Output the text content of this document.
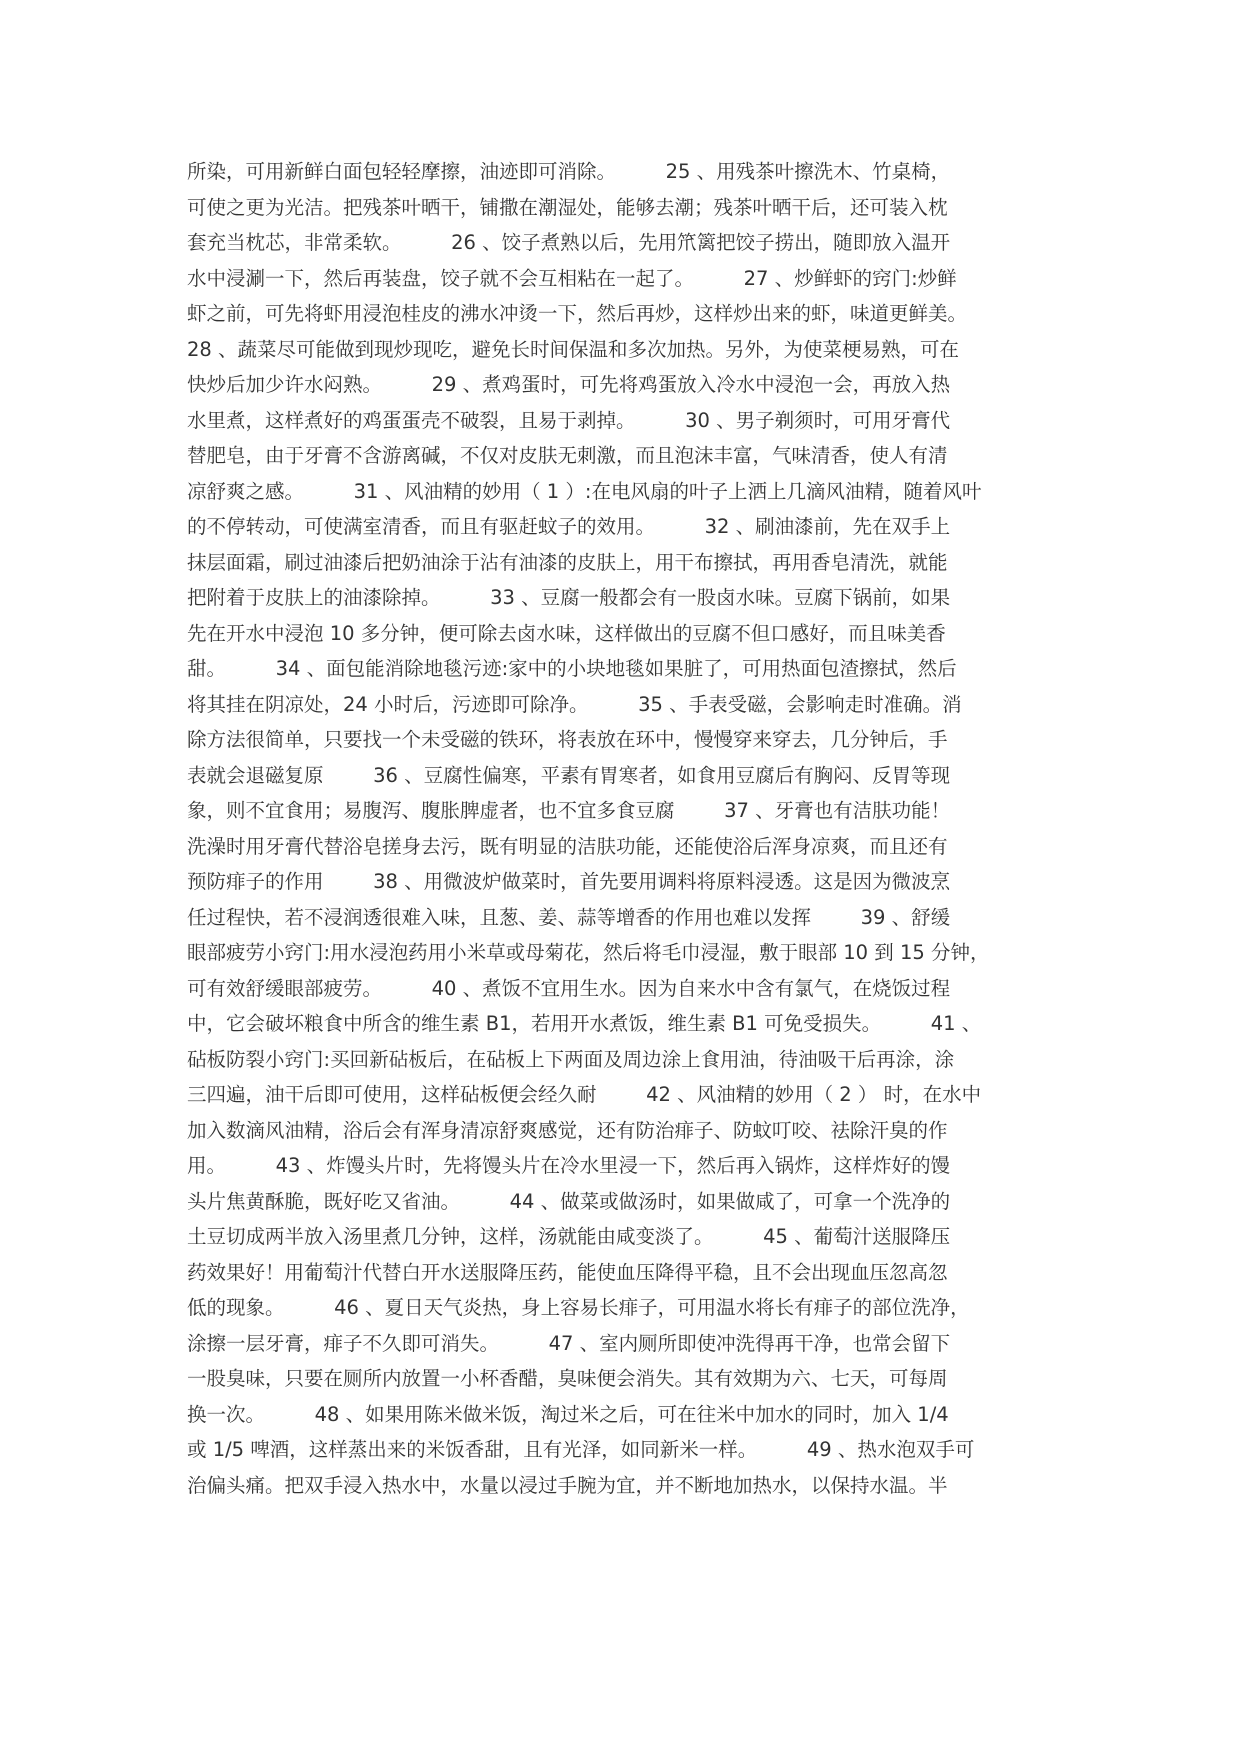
所染，可用新鲜白面包轻轻摩擦，油迹即可消除。        25 、用残茶叶擦洗木、竹桌椅，
可使之更为光洁。把残茶叶晒干，铺撒在潮湿处，能够去潮；残茶叶晒干后，还可装入枕
套充当枕芯，非常柔软。        26 、饺子煮熟以后，先用笊篱把饺子捞出，随即放入温开
水中浸涮一下，然后再装盘，饺子就不会互相粘在一起了。        27 、炒鲜虾的窍门:炒鲜
虾之前，可先将虾用浸泡桂皮的沸水冲烫一下，然后再炒，这样炒出来的虾，味道更鲜美。
28 、蔬菜尽可能做到现炒现吃，避免长时间保温和多次加热。另外，为使菜梗易熟，可在
快炒后加少许水闷熟。        29 、煮鸡蛋时，可先将鸡蛋放入冷水中浸泡一会，再放入热
水里煮，这样煮好的鸡蛋蛋壳不破裂，且易于剥掉。        30 、男子剃须时，可用牙膏代
替肥皂，由于牙膏不含游离碱，不仅对皮肤无刺激，而且泡沫丰富，气味清香，使人有清
凉舒爽之感。        31 、风油精的妙用（ 1 ）:在电风扇的叶子上洒上几滴风油精，随着风叶
的不停转动，可使满室清香，而且有驱赶蚊子的效用。        32 、刷油漆前，先在双手上
抹层面霜，刷过油漆后把奶油涂于沾有油漆的皮肤上，用干布擦拭，再用香皂清洗，就能
把附着于皮肤上的油漆除掉。        33 、豆腐一般都会有一股卤水味。豆腐下锅前，如果
先在开水中浸泡 10 多分钟，便可除去卤水味，这样做出的豆腐不但口感好，而且味美香
甜。        34 、面包能消除地毯污迹:家中的小块地毯如果脏了，可用热面包渣擦拭，然后
将其挂在阴凉处，24 小时后，污迹即可除净。        35 、手表受磁，会影响走时准确。消
除方法很简单，只要找一个未受磁的铁环，将表放在环中，慢慢穿来穿去，几分钟后，手
表就会退磁复原        36 、豆腐性偏寒，平素有胃寒者，如食用豆腐后有胸闷、反胃等现
象，则不宜食用；易腹泻、腹胀脾虚者，也不宜多食豆腐        37 、牙膏也有洁肤功能！
洗澡时用牙膏代替浴皂搓身去污，既有明显的洁肤功能，还能使浴后浑身凉爽，而且还有
预防痱子的作用        38 、用微波炉做菜时，首先要用调料将原料浸透。这是因为微波烹
任过程快，若不浸润透很难入味，且葱、姜、蒜等增香的作用也难以发挥        39 、舒缓
眼部疲劳小窍门:用水浸泡药用小米草或母菊花，然后将毛巾浸湿，敷于眼部 10 到 15 分钟，
可有效舒缓眼部疲劳。        40 、煮饭不宜用生水。因为自来水中含有氯气，在烧饭过程
中，它会破坏粮食中所含的维生素 B1，若用开水煮饭，维生素 B1 可免受损失。        41 、
砧板防裂小窍门:买回新砧板后，在砧板上下两面及周边涂上食用油，待油吸干后再涂，涂
三四遍，油干后即可使用，这样砧板便会经久耐        42 、风油精的妙用（ 2 ） 时，在水中
加入数滴风油精，浴后会有浑身清凉舒爽感觉，还有防治痱子、防蚊叮咬、祛除汗臭的作
用。        43 、炸馒头片时，先将馒头片在冷水里浸一下，然后再入锅炸，这样炸好的馒
头片焦黄酥脆，既好吃又省油。        44 、做菜或做汤时，如果做咸了，可拿一个洗净的
土豆切成两半放入汤里煮几分钟，这样，汤就能由咸变淡了。        45 、葡萄汁送服降压
药效果好！用葡萄汁代替白开水送服降压药，能使血压降得平稳，且不会出现血压忽高忽
低的现象。        46 、夏日天气炎热，身上容易长痱子，可用温水将长有痱子的部位洗净，
涂擦一层牙膏，痱子不久即可消失。        47 、室内厕所即使冲洗得再干净，也常会留下
一股臭味，只要在厕所内放置一小杯香醋，臭味便会消失。其有效期为六、七天，可每周
换一次。        48 、如果用陈米做米饭，淘过米之后，可在往米中加水的同时，加入 1/4
或 1/5 啤酒，这样蒸出来的米饭香甜，且有光泽，如同新米一样。        49 、热水泡双手可
治偏头痛。把双手浸入热水中，水量以浸过手腕为宜，并不断地加热水，以保持水温。半
